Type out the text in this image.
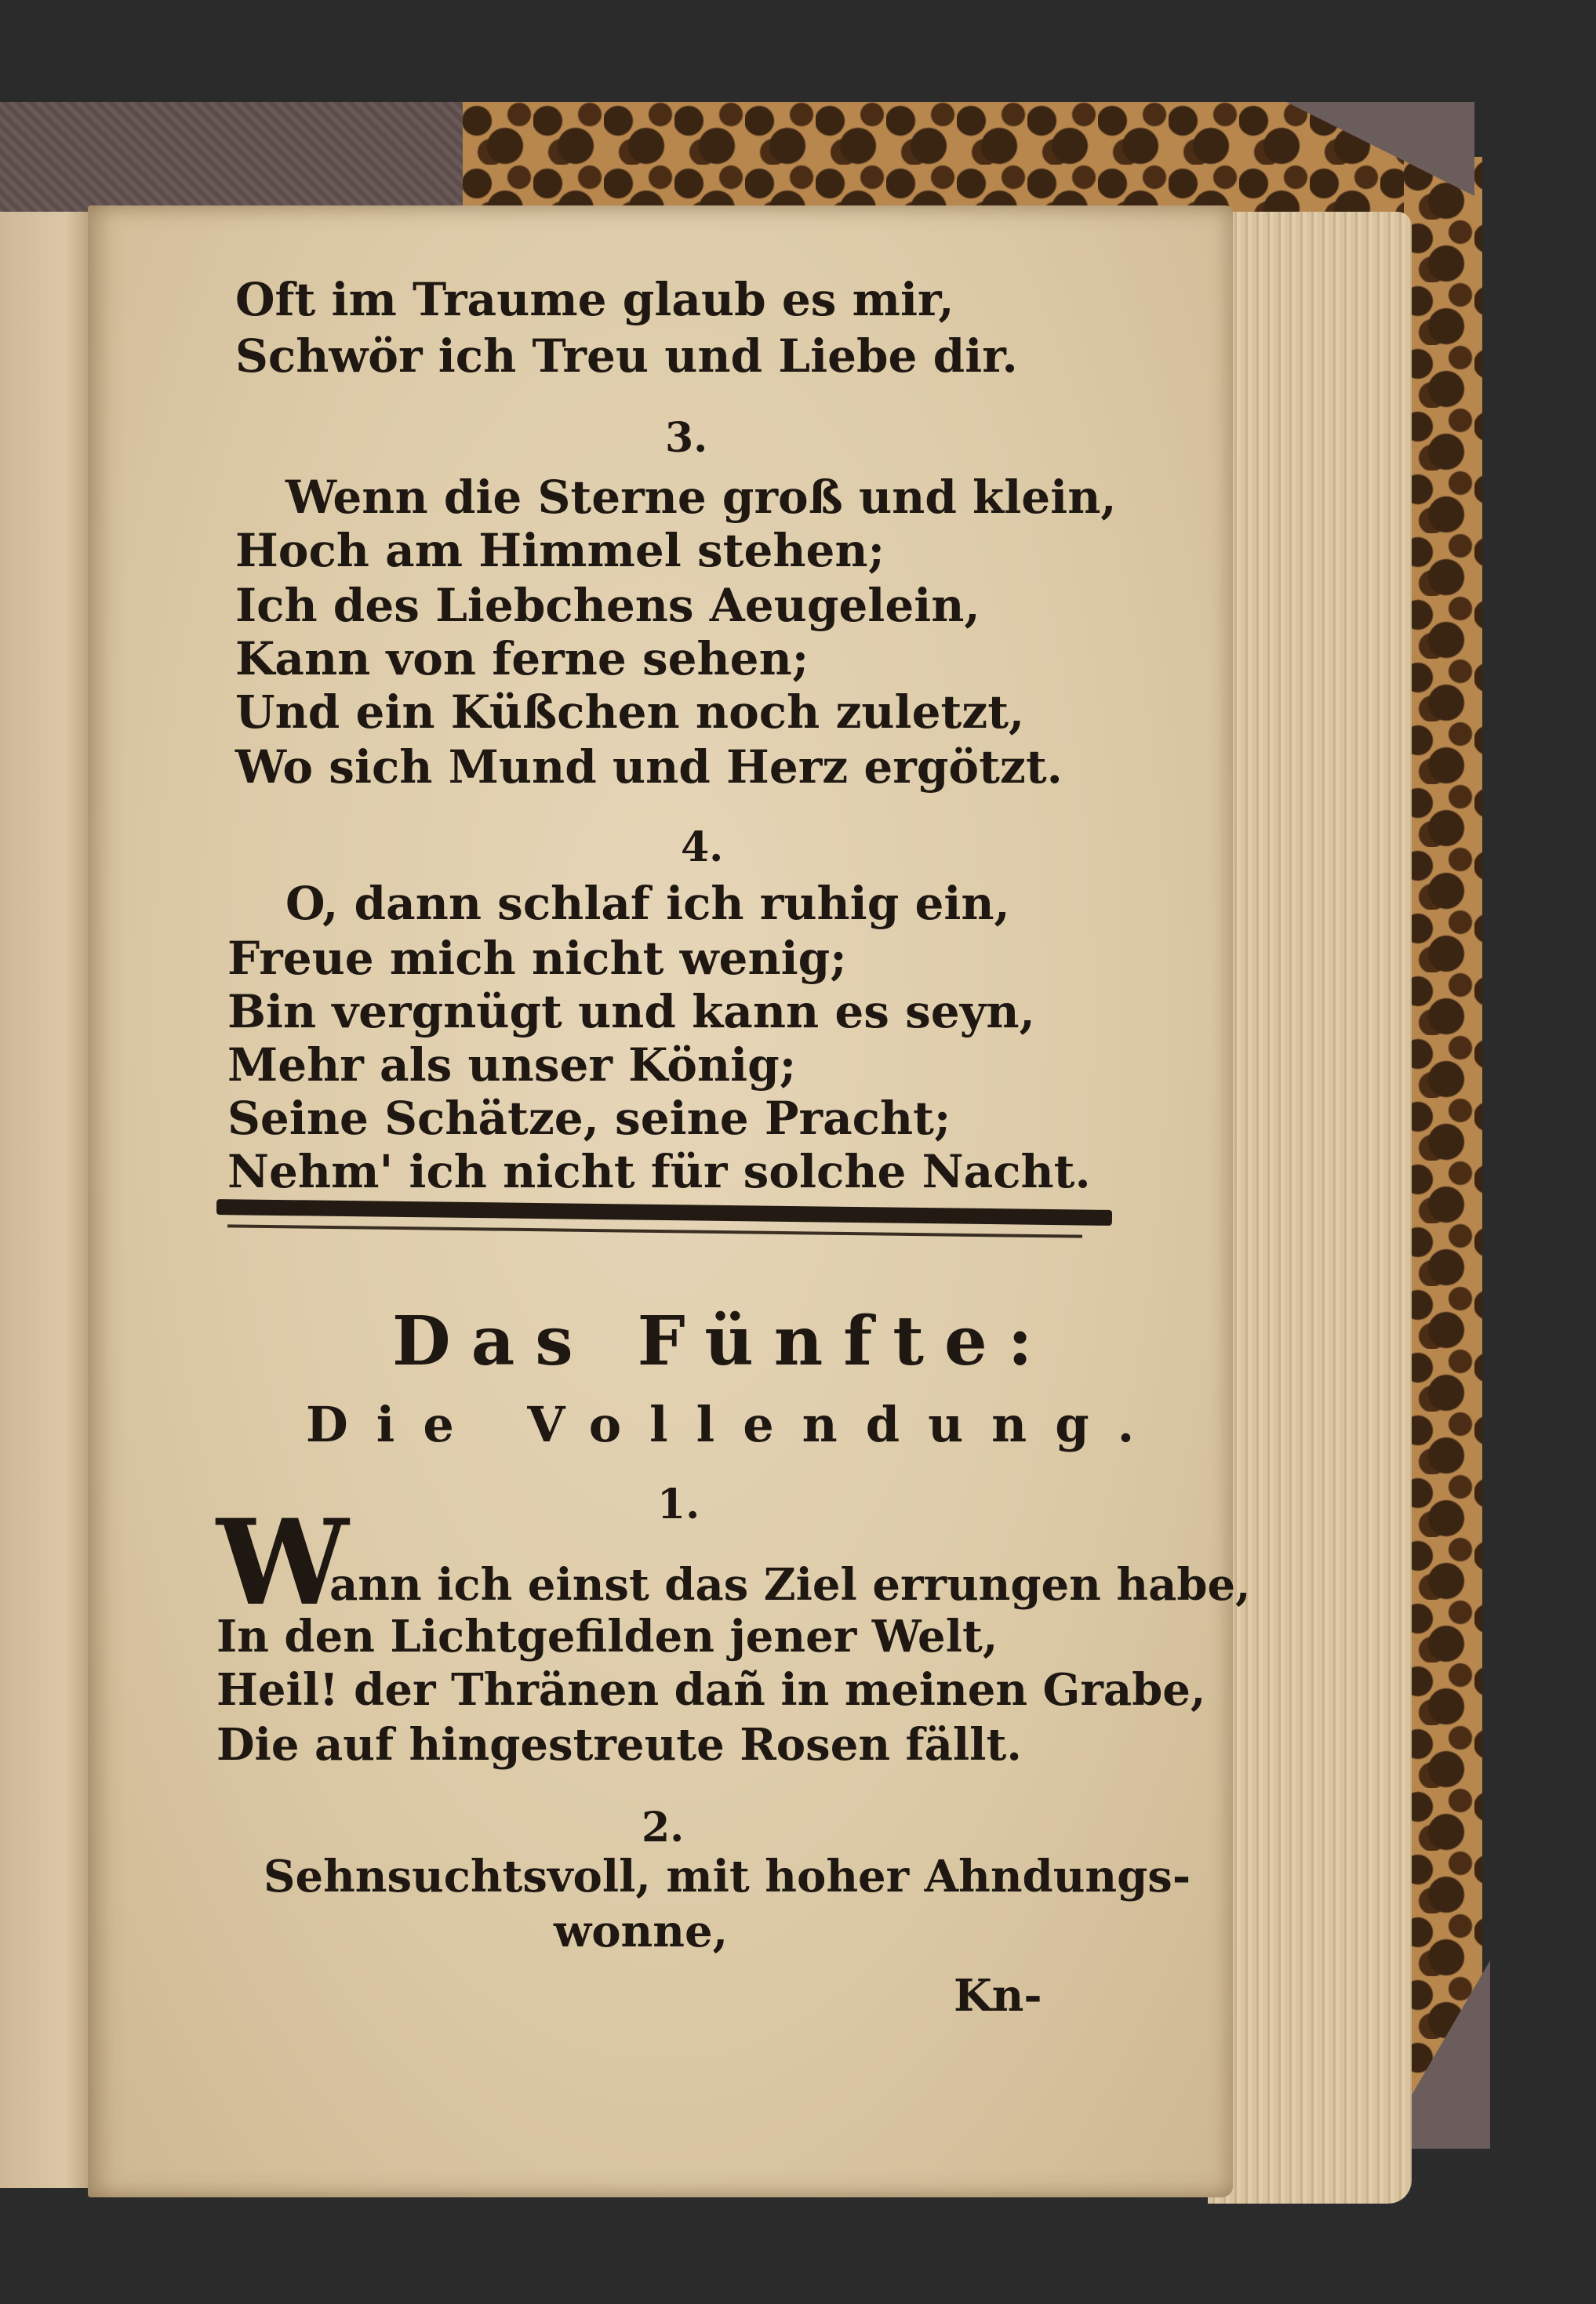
Oft im Traume glaub es mir,
Schwör ich Treu und Liebe dir.
3.
Wenn die Sterne groß und klein,
Hoch am Himmel stehen;
Ich des Liebchens Aeugelein,
Kann von ferne sehen;
Und ein Küßchen noch zuletzt,
Wo sich Mund und Herz ergötzt.
4.
O, dann schlaf ich ruhig ein,
Freue mich nicht wenig;
Bin vergnügt und kann es seyn,
Mehr als unser König;
Seine Schätze, seine Pracht;
Nehm' ich nicht für solche Nacht.
Das Fünfte:
Die Vollendung.
1.
W
ann ich einst das Ziel errungen habe,
In den Lichtgefilden jener Welt,
Heil! der Thränen dañ in meinen Grabe,
Die auf hingestreute Rosen fällt.
2.
Sehnsuchtsvoll, mit hoher Ahndungs-
wonne,
Kn-
